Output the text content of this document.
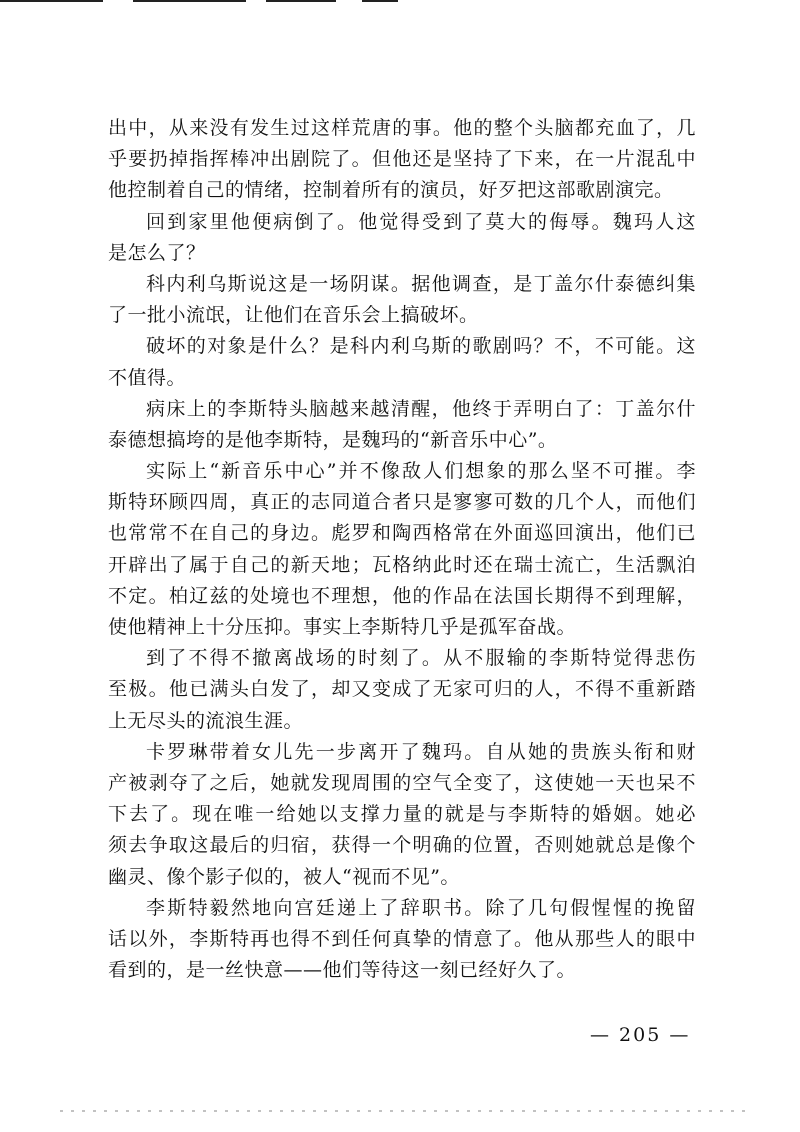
出中，从来没有发生过这样荒唐的事。他的整个头脑都充血了，几
乎要扔掉指挥棒冲出剧院了。但他还是坚持了下来，在一片混乱中
他控制着自己的情绪，控制着所有的演员，好歹把这部歌剧演完。
回到家里他便病倒了。他觉得受到了莫大的侮辱。魏玛人这
是怎么了？
科内利乌斯说这是一场阴谋。据他调查，是丁盖尔什泰德纠集
了一批小流氓，让他们在音乐会上搞破坏。
破坏的对象是什么？是科内利乌斯的歌剧吗？不，不可能。这
不值得。
病床上的李斯特头脑越来越清醒，他终于弄明白了：丁盖尔什
泰德想搞垮的是他李斯特，是魏玛的“新音乐中心”。
实际上“新音乐中心”并不像敌人们想象的那么坚不可摧。李
斯特环顾四周，真正的志同道合者只是寥寥可数的几个人，而他们
也常常不在自己的身边。彪罗和陶西格常在外面巡回演出，他们已
开辟出了属于自己的新天地；瓦格纳此时还在瑞士流亡，生活飘泊
不定。柏辽兹的处境也不理想，他的作品在法国长期得不到理解，
使他精神上十分压抑。事实上李斯特几乎是孤军奋战。
到了不得不撤离战场的时刻了。从不服输的李斯特觉得悲伤
至极。他已满头白发了，却又变成了无家可归的人，不得不重新踏
上无尽头的流浪生涯。
卡罗琳带着女儿先一步离开了魏玛。自从她的贵族头衔和财
产被剥夺了之后，她就发现周围的空气全变了，这使她一天也呆不
下去了。现在唯一给她以支撑力量的就是与李斯特的婚姻。她必
须去争取这最后的归宿，获得一个明确的位置，否则她就总是像个
幽灵、像个影子似的，被人“视而不见”。
李斯特毅然地向宫廷递上了辞职书。除了几句假惺惺的挽留
话以外，李斯特再也得不到任何真挚的情意了。他从那些人的眼中
看到的，是一丝快意——他们等待这一刻已经好久了。
— 205 —
